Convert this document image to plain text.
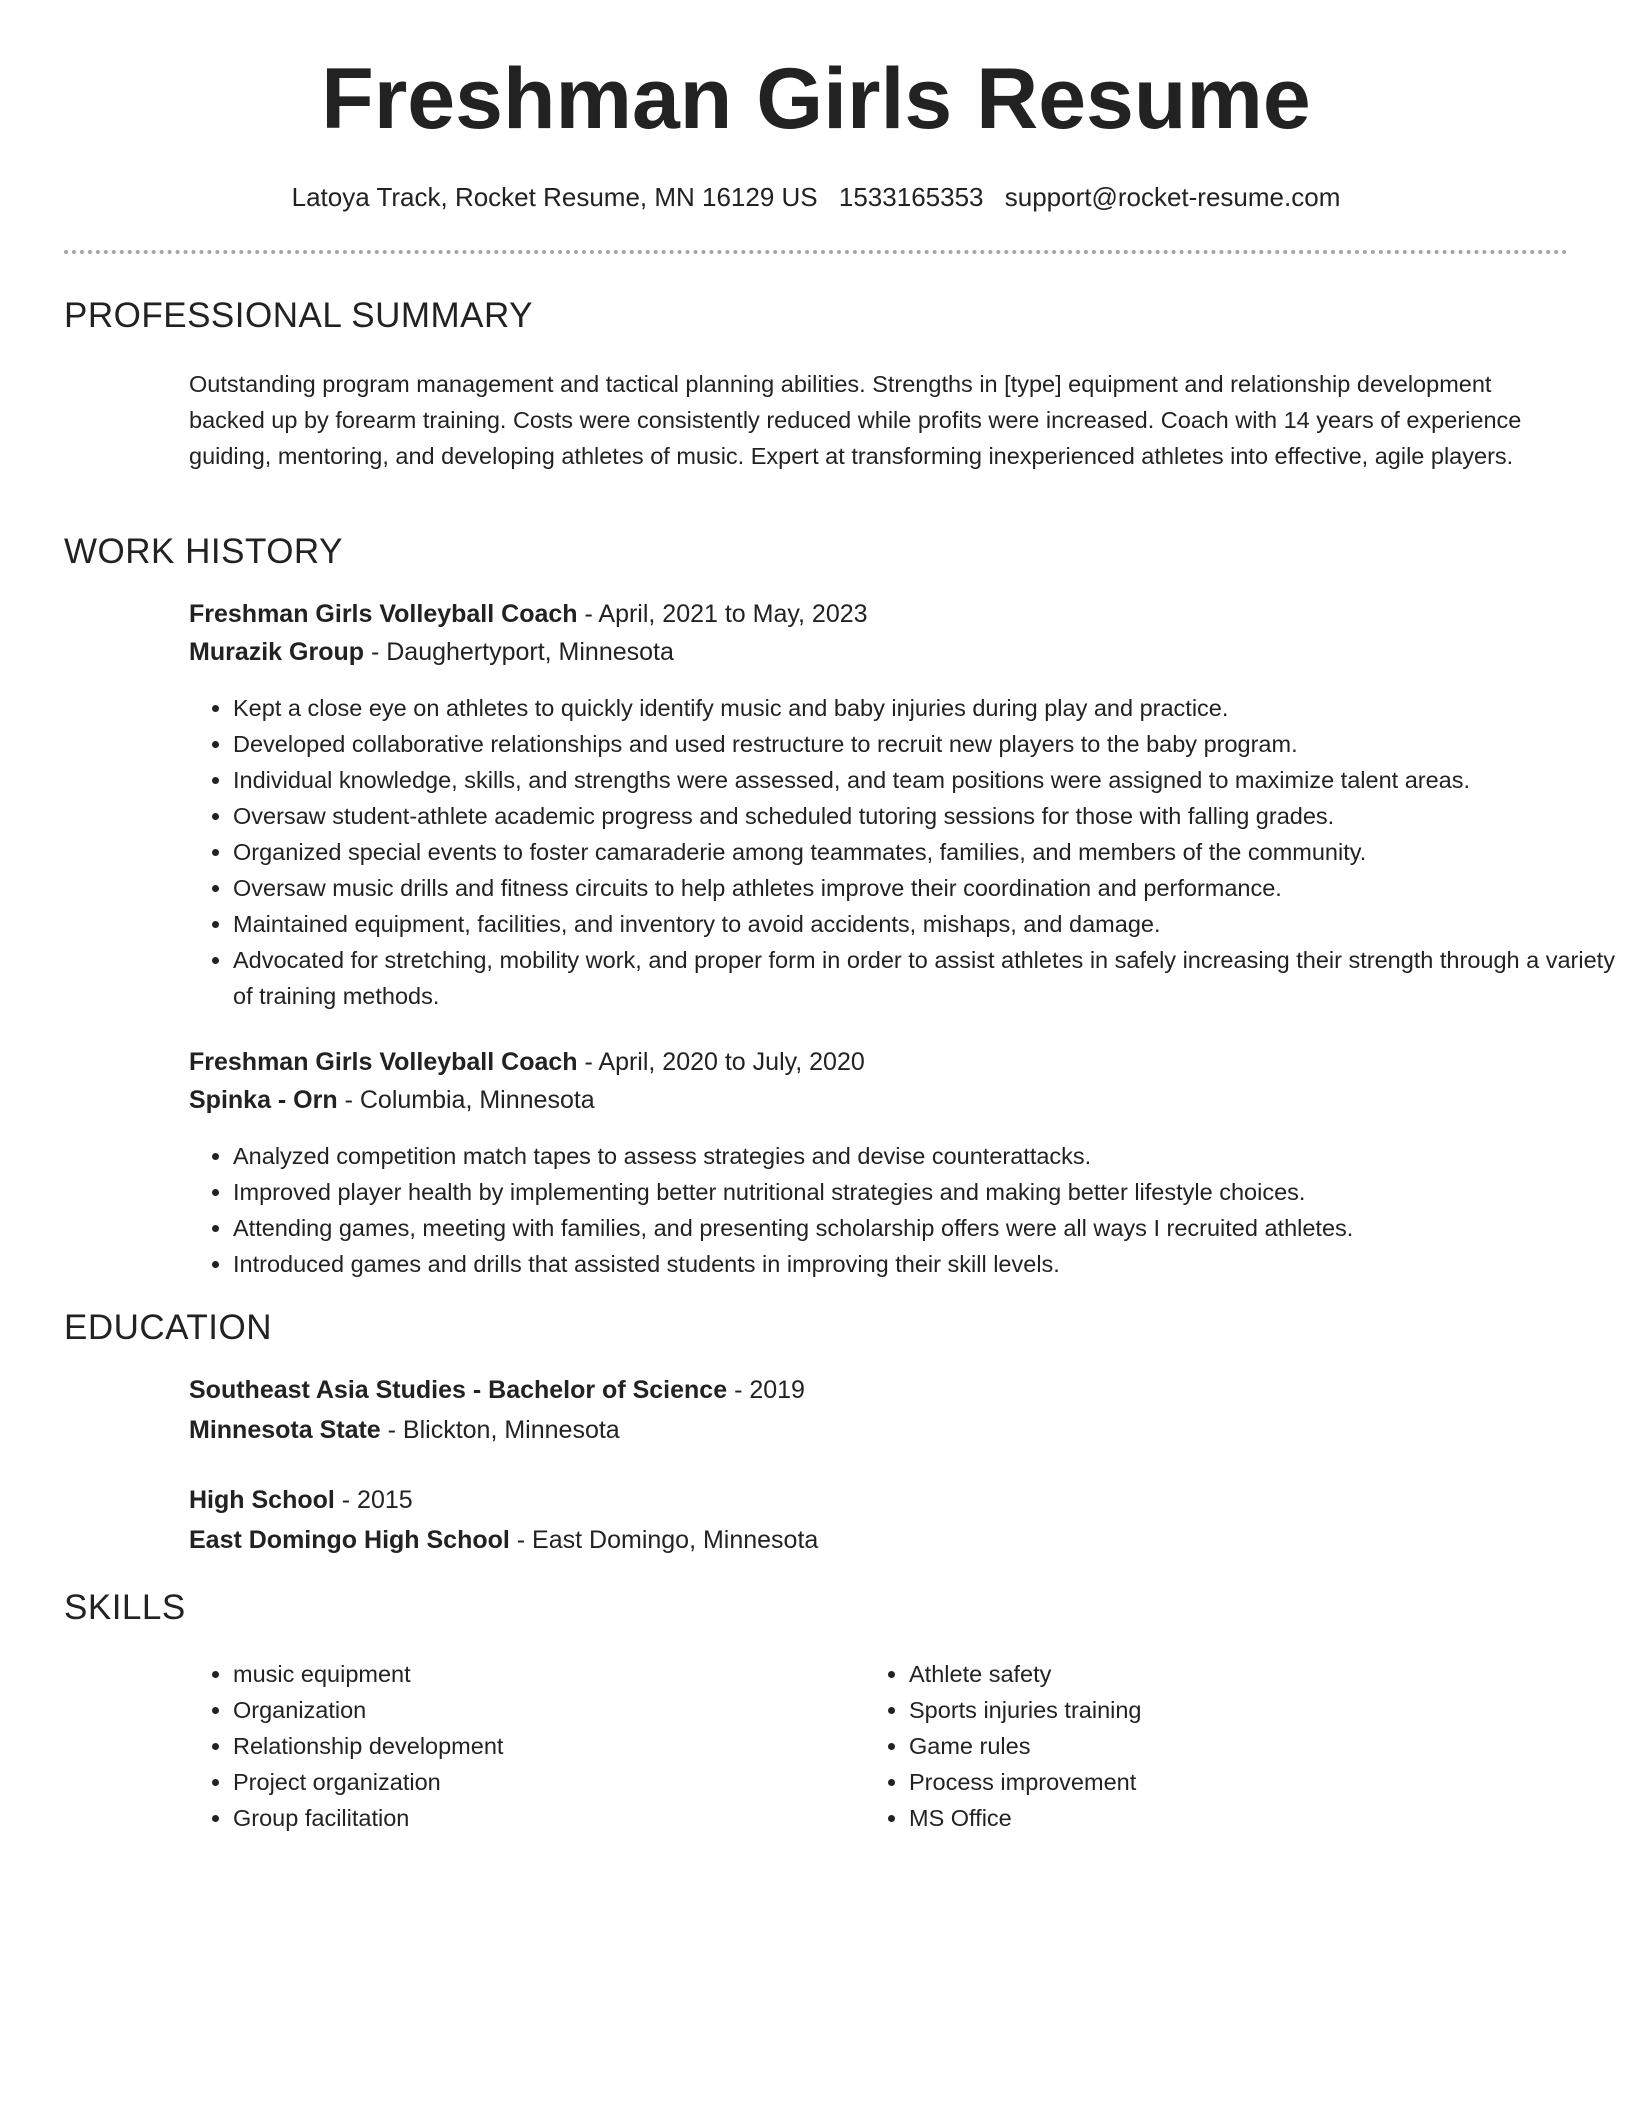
Freshman Girls Resume
Latoya Track, Rocket Resume, MN 16129 US 1533165353 support@rocket-resume.com
PROFESSIONAL SUMMARY

Outstanding program management and tactical planning abilities. Strengths in [type] equipment and relationship development backed up by forearm training. Costs were consistently reduced while profits were increased. Coach with 14 years of experience guiding, mentoring, and developing athletes of music. Expert at transforming inexperienced athletes into effective, agile players.

WORK HISTORY
Freshman Girls Volleyball Coach - April, 2021 to May, 2023
Murazik Group - Daughertyport, Minnesota
• Kept a close eye on athletes to quickly identify music and baby injuries during play and practice.
• Developed collaborative relationships and used restructure to recruit new players to the baby program.
• Individual knowledge, skills, and strengths were assessed, and team positions were assigned to maximize talent areas.
• Oversaw student-athlete academic progress and scheduled tutoring sessions for those with falling grades.
• Organized special events to foster camaraderie among teammates, families, and members of the community.
• Oversaw music drills and fitness circuits to help athletes improve their coordination and performance.
• Maintained equipment, facilities, and inventory to avoid accidents, mishaps, and damage.
• Advocated for stretching, mobility work, and proper form in order to assist athletes in safely increasing their strength through a variety of training methods.
Freshman Girls Volleyball Coach - April, 2020 to July, 2020
Spinka - Orn - Columbia, Minnesota
• Analyzed competition match tapes to assess strategies and devise counterattacks.
• Improved player health by implementing better nutritional strategies and making better lifestyle choices.
• Attending games, meeting with families, and presenting scholarship offers were all ways I recruited athletes.
• Introduced games and drills that assisted students in improving their skill levels.
EDUCATION
Southeast Asia Studies - Bachelor of Science - 2019
Minnesota State - Blickton, Minnesota
High School - 2015
East Domingo High School - East Domingo, Minnesota
SKILLS
• music equipment
• Organization
• Relationship development
• Project organization
• Group facilitation
• Athlete safety
• Sports injuries training
• Game rules
• Process improvement
• MS Office
